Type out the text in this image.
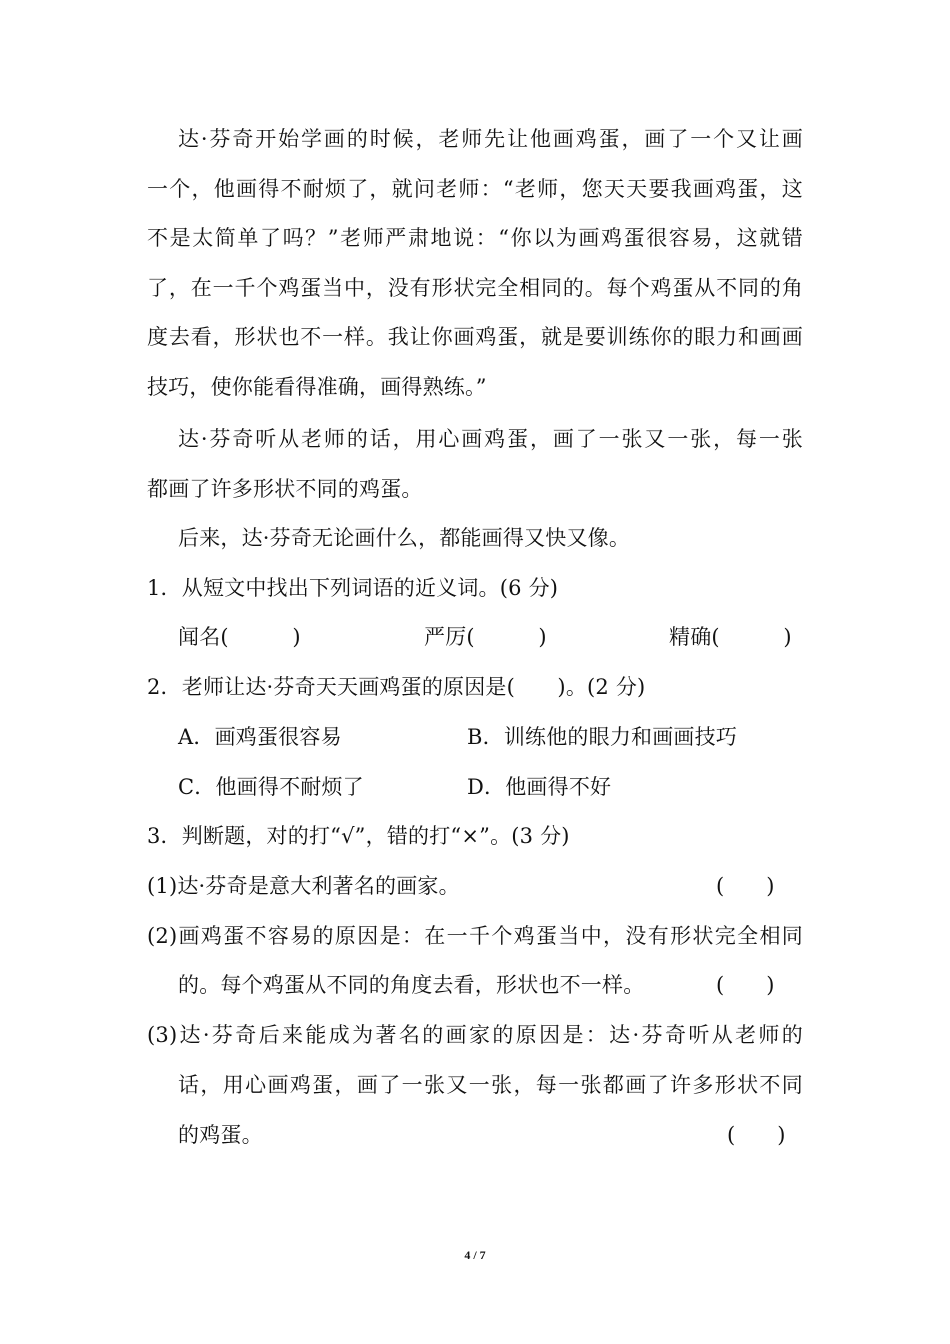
达·芬奇开始学画的时候，老师先让他画鸡蛋，画了一个又让画
一个，他画得不耐烦了，就问老师：“老师，您天天要我画鸡蛋，这
不是太简单了吗？”老师严肃地说：“你以为画鸡蛋很容易，这就错
了，在一千个鸡蛋当中，没有形状完全相同的。每个鸡蛋从不同的角
度去看，形状也不一样。我让你画鸡蛋，就是要训练你的眼力和画画
技巧，使你能看得准确，画得熟练。”
达·芬奇听从老师的话，用心画鸡蛋，画了一张又一张，每一张
都画了许多形状不同的鸡蛋。
后来，达·芬奇无论画什么，都能画得又快又像。
1．从短文中找出下列词语的近义词。(6 分)
闻名(　　　)	严厉(　　　)	精确(　　　)
2．老师让达·芬奇天天画鸡蛋的原因是(　　)。(2 分)
A．画鸡蛋很容易	B．训练他的眼力和画画技巧
C．他画得不耐烦了	D．他画得不好
3．判断题，对的打“√”，错的打“×”。(3 分)
(1)达·芬奇是意大利著名的画家。	(　　)
(2)画鸡蛋不容易的原因是：在一千个鸡蛋当中，没有形状完全相同
的。每个鸡蛋从不同的角度去看，形状也不一样。	(　　)
(3)达·芬奇后来能成为著名的画家的原因是：达·芬奇听从老师的
话，用心画鸡蛋，画了一张又一张，每一张都画了许多形状不同
的鸡蛋。	(　　)
4 / 7
